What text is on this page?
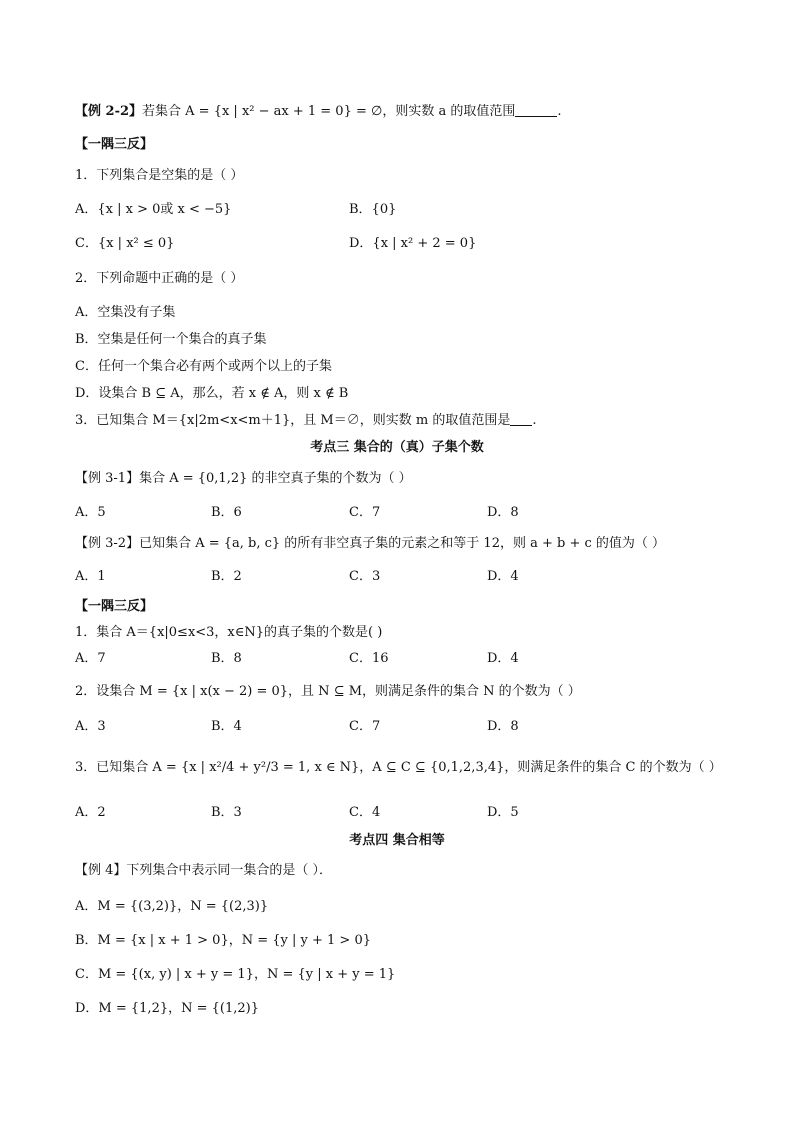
【例 2-2】若集合 A = {x | x² − ax + 1 = 0} = ∅，则实数 a 的取值范围	.
【一隅三反】
1．下列集合是空集的是（ ）
A．{x | x > 0或 x < −5}	B．{0}
C．{x | x² ≤ 0}	D．{x | x² + 2 = 0}
2．下列命题中正确的是（ ）
A．空集没有子集
B．空集是任何一个集合的真子集
C．任何一个集合必有两个或两个以上的子集
D．设集合 B ⊆ A，那么，若 x ∉ A，则 x ∉ B
3．已知集合 M＝{x|2m<x<m＋1}，且 M＝∅，则实数 m 的取值范围是 .
考点三 集合的（真）子集个数
【例 3-1】集合 A = {0,1,2} 的非空真子集的个数为（ ）
A．5	B．6	C．7	D．8
【例 3-2】已知集合 A = {a, b, c} 的所有非空真子集的元素之和等于 12，则 a + b + c 的值为（ ）
A．1	B．2	C．3	D．4
【一隅三反】
1．集合 A＝{x|0≤x<3，x∈N}的真子集的个数是( )
A．7	B．8	C．16	D．4
2．设集合 M = {x | x(x − 2) = 0}，且 N ⊆ M，则满足条件的集合 N 的个数为（ ）
A．3	B．4	C．7	D．8
3．已知集合 A = {x | x²/4 + y²/3 = 1, x ∈ N}，A ⊆ C ⊆ {0,1,2,3,4}，则满足条件的集合 C 的个数为（ ）
A．2	B．3	C．4	D．5
考点四 集合相等
【例 4】下列集合中表示同一集合的是（ ）．
A．M = {(3,2)}，N = {(2,3)}
B．M = {x | x + 1 > 0}，N = {y | y + 1 > 0}
C．M = {(x, y) | x + y = 1}，N = {y | x + y = 1}
D．M = {1,2}，N = {(1,2)}
